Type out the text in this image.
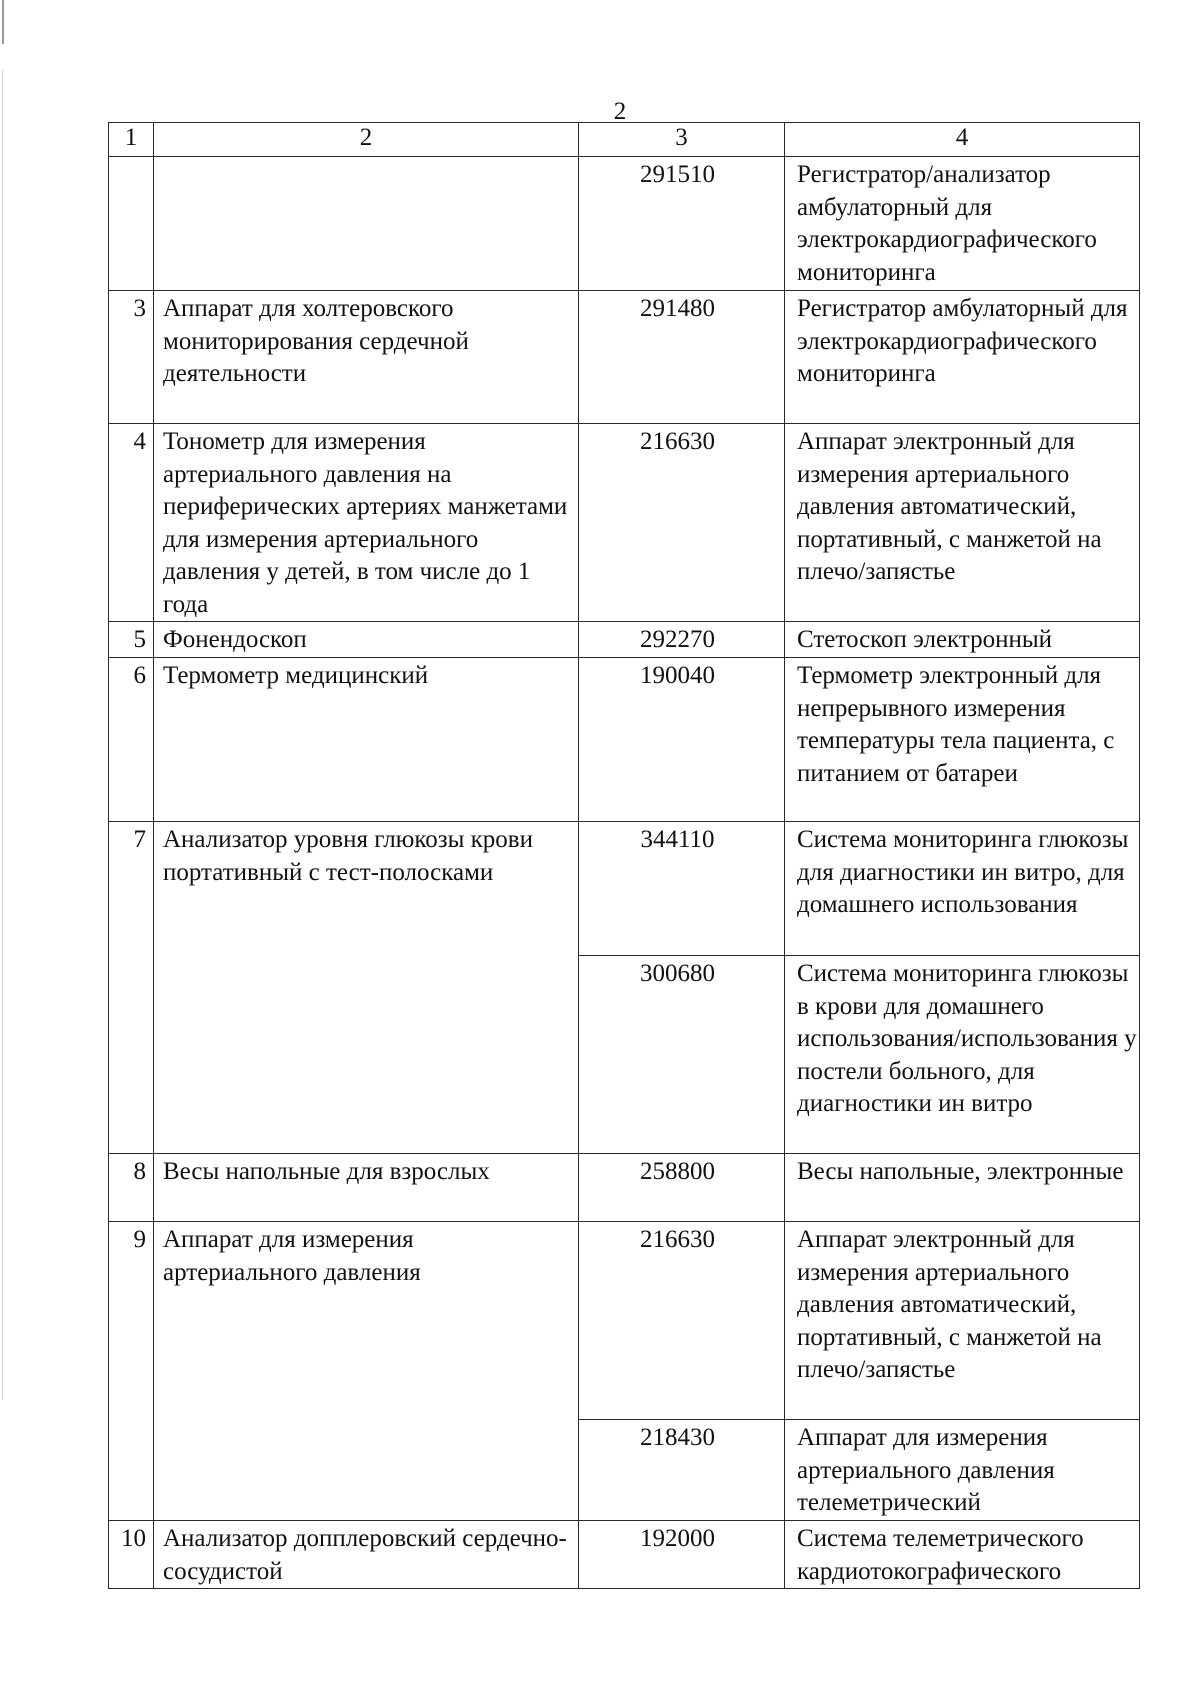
2
1	2	3	4
		291510	Регистратор/анализатор амбулаторный для электрокардиографического мониторинга
3	Аппарат для холтеровского мониторирования сердечной деятельности	291480	Регистратор амбулаторный для электрокардиографического мониторинга
4	Тонометр для измерения артериального давления на периферических артериях манжетами для измерения артериального давления у детей, в том числе до 1 года	216630	Аппарат электронный для измерения артериального давления автоматический, портативный, с манжетой на плечо/запястье
5	Фонендоскоп	292270	Стетоскоп электронный
6	Термометр медицинский	190040	Термометр электронный для непрерывного измерения температуры тела пациента, с питанием от батареи
7	Анализатор уровня глюкозы крови портативный с тест-полосками	344110	Система мониторинга глюкозы для диагностики ин витро, для домашнего использования
		300680	Система мониторинга глюкозы в крови для домашнего использования/использования у постели больного, для диагностики ин витро
8	Весы напольные для взрослых	258800	Весы напольные, электронные
9	Аппарат для измерения артериального давления	216630	Аппарат электронный для измерения артериального давления автоматический, портативный, с манжетой на плечо/запястье
		218430	Аппарат для измерения артериального давления телеметрический
10	Анализатор допплеровский сердечно-сосудистой	192000	Система телеметрического кардиотокографического
